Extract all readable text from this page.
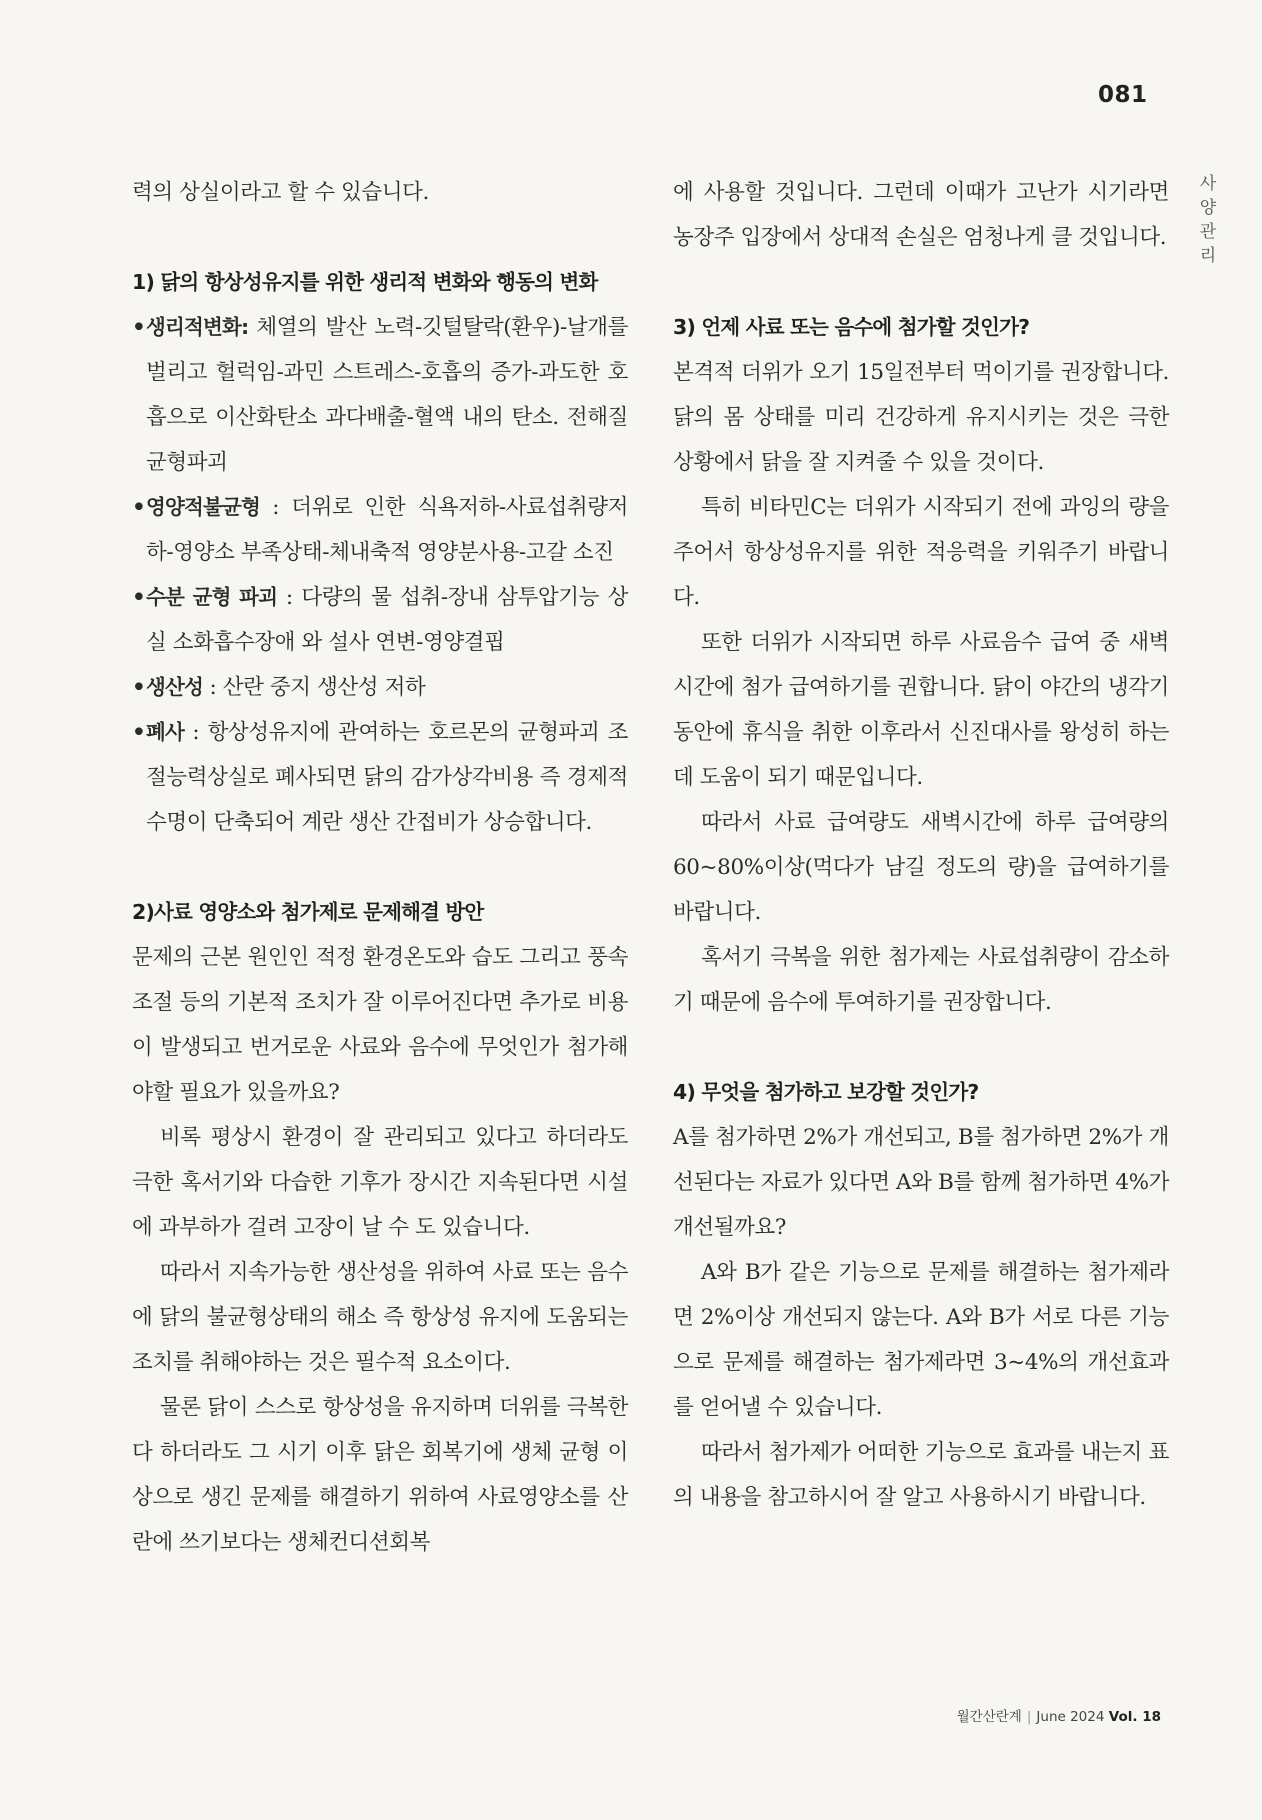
081
사
양
관
리

력의 상실이라고 할 수 있습니다.

1) 닭의 항상성유지를 위한 생리적 변화와 행동의 변화
• 생리적변화: 체열의 발산 노력-깃털탈락(환우)-날개를 벌리고 헐럭임-과민 스트레스-호흡의 증가-과도한 호흡으로 이산화탄소 과다배출-혈액 내의 탄소. 전해질 균형파괴
• 영양적불균형 : 더위로 인한 식욕저하-사료섭취량저하-영양소 부족상태-체내축적 영양분사용-고갈 소진
• 수분 균형 파괴 : 다량의 물 섭취-장내 삼투압기능 상실 소화흡수장애 와 설사 연변-영양결핍
• 생산성 : 산란 중지 생산성 저하
• 폐사 : 항상성유지에 관여하는 호르몬의 균형파괴 조절능력상실로 폐사되면 닭의 감가상각비용 즉 경제적 수명이 단축되어 계란 생산 간접비가 상승합니다.
2)사료 영양소와 첨가제로 문제해결 방안

문제의 근본 원인인 적정 환경온도와 습도 그리고 풍속 조절 등의 기본적 조치가 잘 이루어진다면 추가로 비용이 발생되고 번거로운 사료와 음수에 무엇인가 첨가해야할 필요가 있을까요?

비록 평상시 환경이 잘 관리되고 있다고 하더라도 극한 혹서기와 다습한 기후가 장시간 지속된다면 시설에 과부하가 걸려 고장이 날 수 도 있습니다.

따라서 지속가능한 생산성을 위하여 사료 또는 음수에 닭의 불균형상태의 해소 즉 항상성 유지에 도움되는 조치를 취해야하는 것은 필수적 요소이다.

물론 닭이 스스로 항상성을 유지하며 더위를 극복한다 하더라도 그 시기 이후 닭은 회복기에 생체 균형 이상으로 생긴 문제를 해결하기 위하여 사료영양소를 산란에 쓰기보다는 생체컨디션회복

에 사용할 것입니다. 그런데 이때가 고난가 시기라면 농장주 입장에서 상대적 손실은 엄청나게 클 것입니다.

3) 언제 사료 또는 음수에 첨가할 것인가?

본격적 더위가 오기 15일전부터 먹이기를 권장합니다. 닭의 몸 상태를 미리 건강하게 유지시키는 것은 극한 상황에서 닭을 잘 지켜줄 수 있을 것이다.

특히 비타민C는 더위가 시작되기 전에 과잉의 량을 주어서 항상성유지를 위한 적응력을 키워주기 바랍니다.

또한 더위가 시작되면 하루 사료음수 급여 중 새벽시간에 첨가 급여하기를 권합니다. 닭이 야간의 냉각기 동안에 휴식을 취한 이후라서 신진대사를 왕성히 하는데 도움이 되기 때문입니다.

따라서 사료 급여량도 새벽시간에 하루 급여량의 60~80%이상(먹다가 남길 정도의 량)을 급여하기를 바랍니다.

혹서기 극복을 위한 첨가제는 사료섭취량이 감소하기 때문에 음수에 투여하기를 권장합니다.

4) 무엇을 첨가하고 보강할 것인가?

A를 첨가하면 2%가 개선되고, B를 첨가하면 2%가 개선된다는 자료가 있다면 A와 B를 함께 첨가하면 4%가 개선될까요?

A와 B가 같은 기능으로 문제를 해결하는 첨가제라면 2%이상 개선되지 않는다. A와 B가 서로 다른 기능으로 문제를 해결하는 첨가제라면 3~4%의 개선효과를 얻어낼 수 있습니다.

따라서 첨가제가 어떠한 기능으로 효과를 내는지 표의 내용을 참고하시어 잘 알고 사용하시기 바랍니다.

월간산란계 | June 2024 Vol. 18
